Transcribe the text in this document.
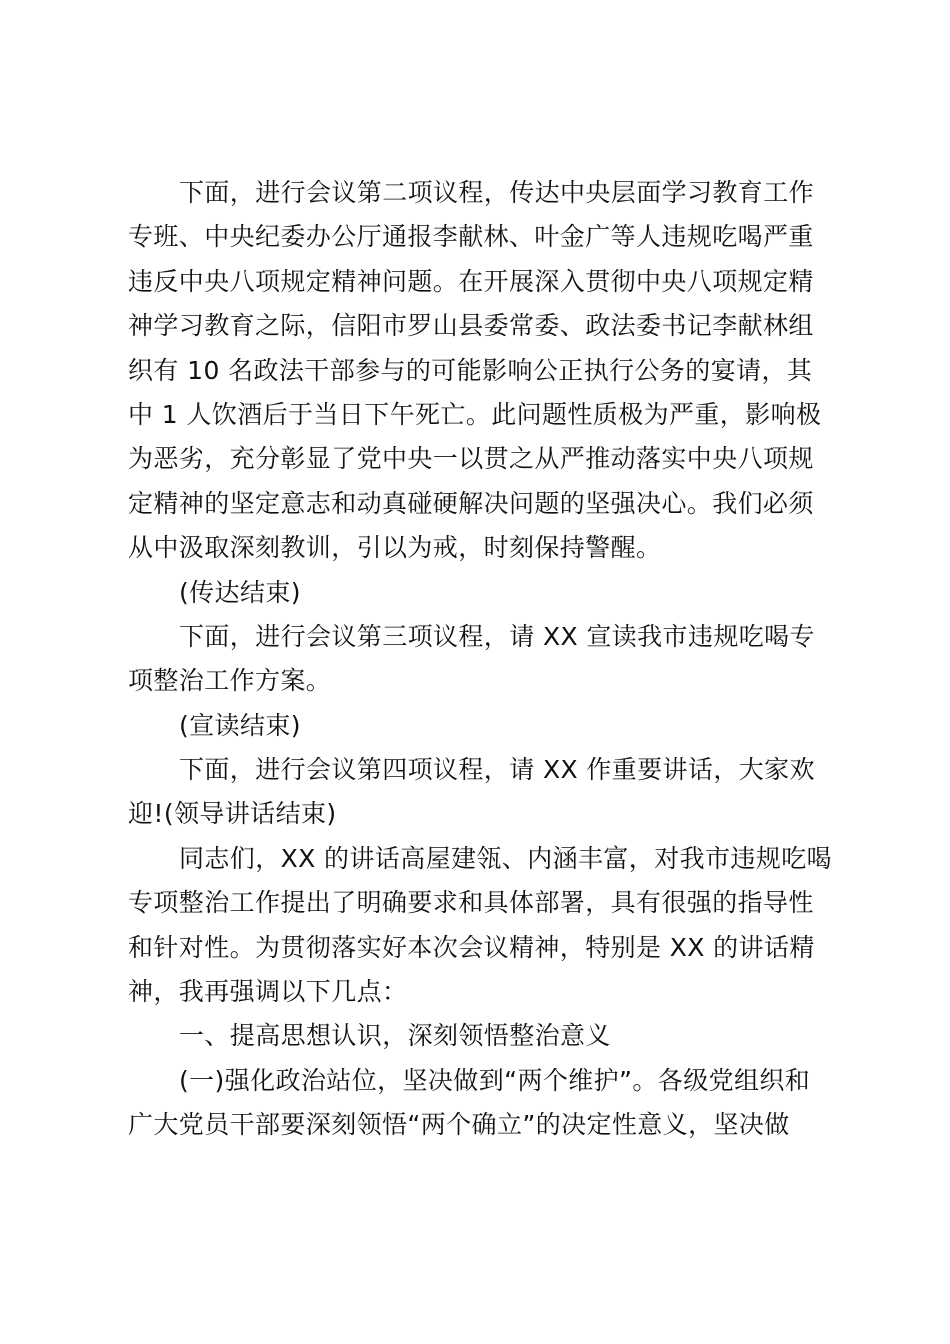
下面，进行会议第二项议程，传达中央层面学习教育工作
专班、中央纪委办公厅通报李献林、叶金广等人违规吃喝严重
违反中央八项规定精神问题。在开展深入贯彻中央八项规定精
神学习教育之际，信阳市罗山县委常委、政法委书记李献林组
织有 10 名政法干部参与的可能影响公正执行公务的宴请，其
中 1 人饮酒后于当日下午死亡。此问题性质极为严重，影响极
为恶劣，充分彰显了党中央一以贯之从严推动落实中央八项规
定精神的坚定意志和动真碰硬解决问题的坚强决心。我们必须
从中汲取深刻教训，引以为戒，时刻保持警醒。
(传达结束)
下面，进行会议第三项议程，请 XX 宣读我市违规吃喝专
项整治工作方案。
(宣读结束)
下面，进行会议第四项议程，请 XX 作重要讲话，大家欢
迎!(领导讲话结束)
同志们，XX 的讲话高屋建瓴、内涵丰富，对我市违规吃喝
专项整治工作提出了明确要求和具体部署，具有很强的指导性
和针对性。为贯彻落实好本次会议精神，特别是 XX 的讲话精
神，我再强调以下几点：
一、提高思想认识，深刻领悟整治意义
(一)强化政治站位，坚决做到“两个维护”。各级党组织和
广大党员干部要深刻领悟“两个确立”的决定性意义，坚决做
